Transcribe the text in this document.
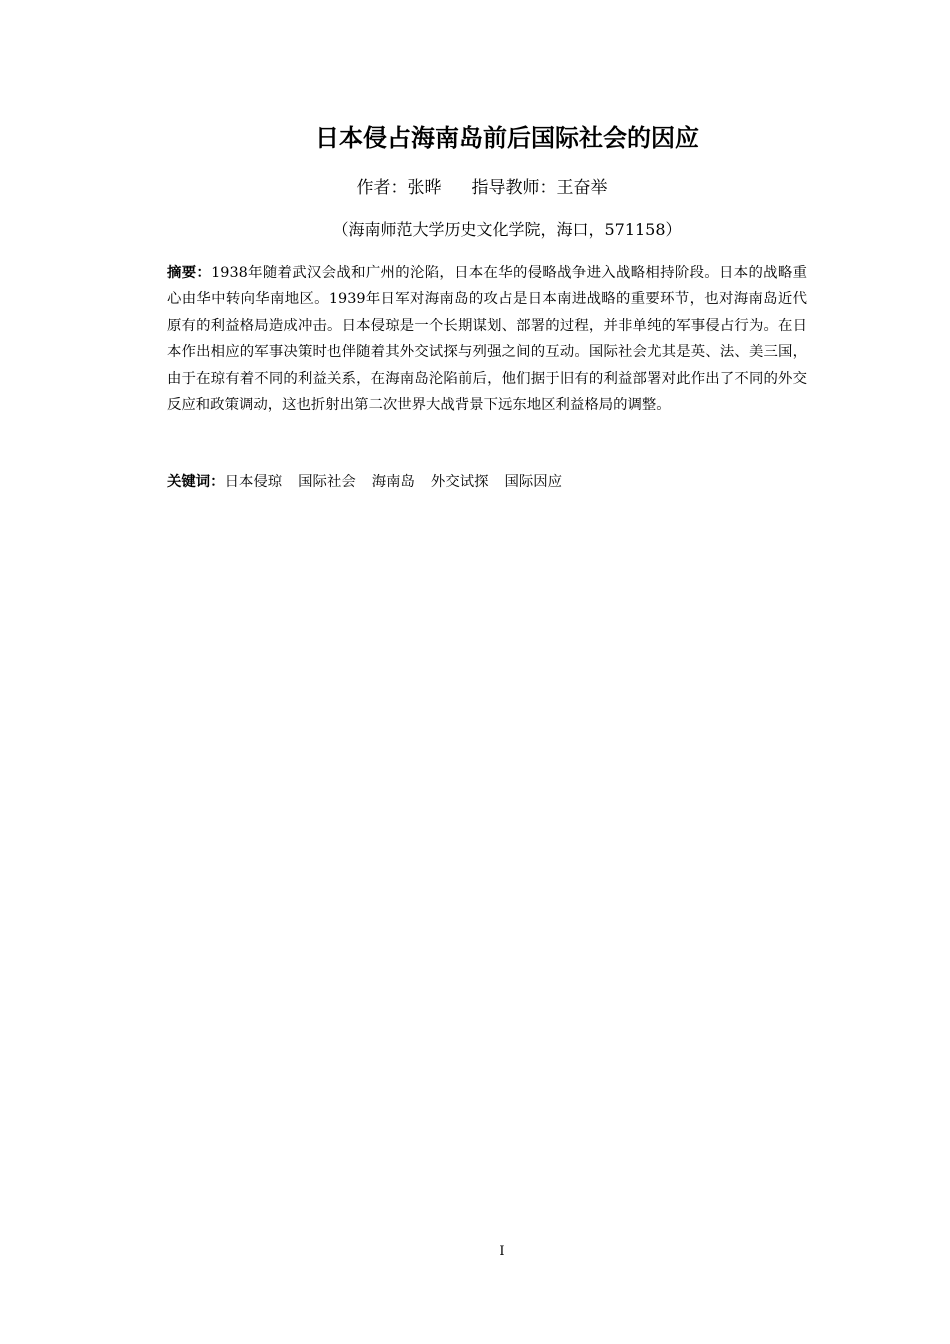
日本侵占海南岛前后国际社会的因应
作者：张晔 指导教师：王奋举
（海南师范大学历史文化学院，海口，571158）

摘要：1938年随着武汉会战和广州的沦陷，日本在华的侵略战争进入战略相持阶段。日本的战略重心由华中转向华南地区。1939年日军对海南岛的攻占是日本南进战略的重要环节，也对海南岛近代原有的利益格局造成冲击。日本侵琼是一个长期谋划、部署的过程，并非单纯的军事侵占行为。在日本作出相应的军事决策时也伴随着其外交试探与列强之间的互动。国际社会尤其是英、法、美三国，由于在琼有着不同的利益关系，在海南岛沦陷前后，他们据于旧有的利益部署对此作出了不同的外交反应和政策调动，这也折射出第二次世界大战背景下远东地区利益格局的调整。

关键词：日本侵琼 国际社会 海南岛 外交试探 国际因应
I
